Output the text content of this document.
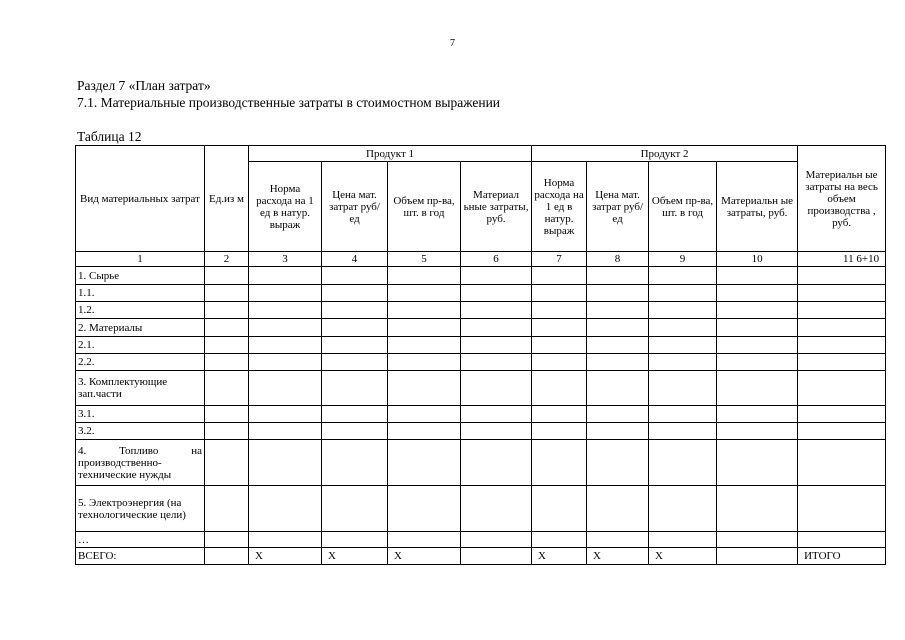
7
Раздел 7 «План затрат»
7.1. Материальные производственные затраты в стоимостном выражении
Таблица 12
Вид материальных затрат	Ед.из м	Продукт 1				Продукт 2				Материальн ые затраты на весь объем производства , руб.
		Норма расхода на 1 ед в натур. выраж	Цена мат. затрат руб/ед	Объем пр-ва, шт. в год	Материал ьные затраты, руб.	Норма расхода на 1 ед в натур. выраж	Цена мат. затрат руб/ед	Объем пр-ва, шт. в год	Материальн ые затраты, руб.	
1	2	3	4	5	6	7	8	9	10	11 6+10
1. Сырье										
1.1.										
1.2.										
2. Материалы										
2.1.										
2.2.										
3. Комплектующие зап.части										
3.1.										
3.2.										
4. Топливо на производственно-технические нужды										
5. Электроэнергия (на технологические цели)										
…										
ВСЕГО:		Х	Х	Х		Х	Х	Х		ИТОГО
